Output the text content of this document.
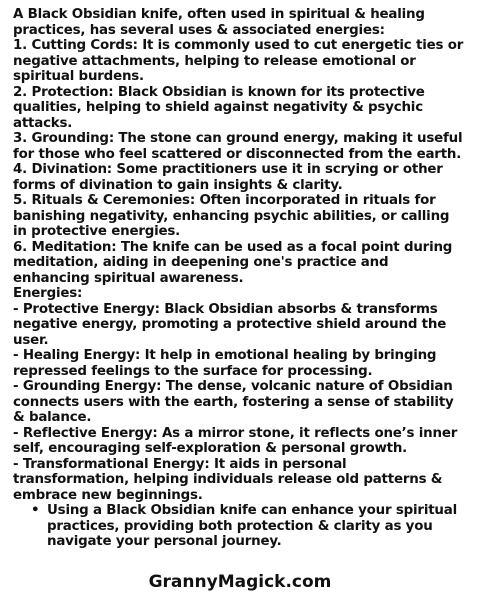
A Black Obsidian knife, often used in spiritual & healing practices, has several uses & associated energies:

1. Cutting Cords: It is commonly used to cut energetic ties or negative attachments, helping to release emotional or spiritual burdens.

2. Protection: Black Obsidian is known for its protective qualities, helping to shield against negativity & psychic attacks.

3. Grounding: The stone can ground energy, making it useful for those who feel scattered or disconnected from the earth.

4. Divination: Some practitioners use it in scrying or other forms of divination to gain insights & clarity.

5. Rituals & Ceremonies: Often incorporated in rituals for banishing negativity, enhancing psychic abilities, or calling in protective energies.

6. Meditation: The knife can be used as a focal point during meditation, aiding in deepening one's practice and enhancing spiritual awareness.

Energies:

- Protective Energy: Black Obsidian absorbs & transforms negative energy, promoting a protective shield around the user.

- Healing Energy: It help in emotional healing by bringing repressed feelings to the surface for processing.

- Grounding Energy: The dense, volcanic nature of Obsidian connects users with the earth, fostering a sense of stability & balance.

- Reflective Energy: As a mirror stone, it reflects one’s inner self, encouraging self-exploration & personal growth.

- Transformational Energy: It aids in personal transformation, helping individuals release old patterns & embrace new beginnings.

• Using a Black Obsidian knife can enhance your spiritual practices, providing both protection & clarity as you navigate your personal journey.
GrannyMagick.com
